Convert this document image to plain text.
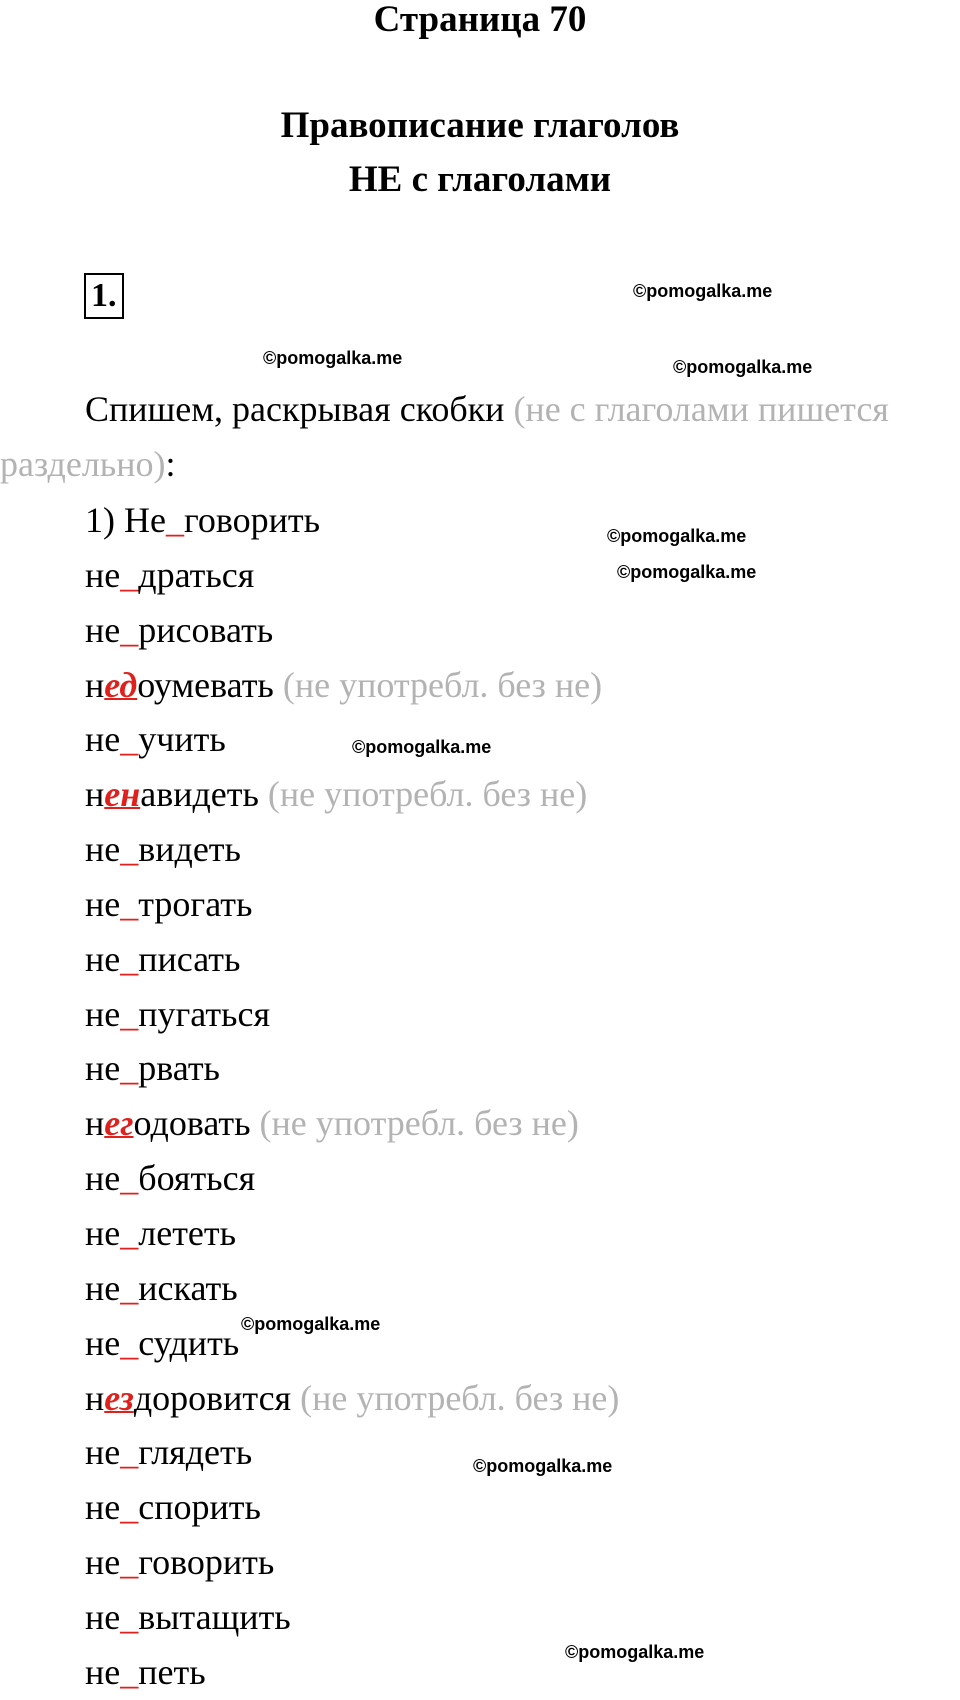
Страница 70
Правописание глаголов
НЕ с глаголами
1.	©pomogalka.me
©pomogalka.me	©pomogalka.me
©pomogalka.me
©pomogalka.me
©pomogalka.me
©pomogalka.me
©pomogalka.me
©pomogalka.me

Спишем, раскрывая скобки (не с глаголами пишется
раздельно):

1) Не_говорить
не_драться
не_рисовать
недоумевать (не употребл. без не)
не_учить
ненавидеть (не употребл. без не)
не_видеть
не_трогать
не_писать
не_пугаться
не_рвать
негодовать (не употребл. без не)
не_бояться
не_лететь
не_искать
не_судить
нездоровится (не употребл. без не)
не_глядеть
не_спорить
не_говорить
не_вытащить
не_петь
